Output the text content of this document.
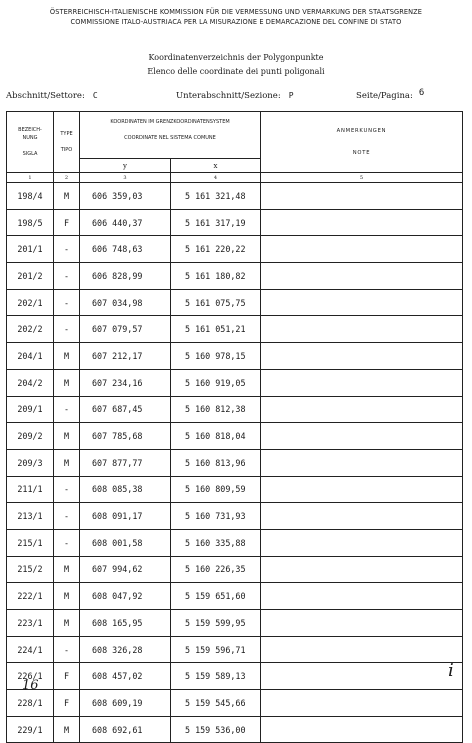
ÖSTERREICHISCH-ITALIENISCHE KOMMISSION FÜR DIE VERMESSUNG UND VERMARKUNG DER STAATSGRENZE
COMMISSIONE ITALO-AUSTRIACA PER LA MISURAZIONE E DEMARCAZIONE DEL CONFINE DI STATO
Koordinatenverzeichnis der Polygonpunkte
Elenco delle coordinate dei punti poligonali
Abschnitt/Settore: C	Unterabschnitt/Sezione: P	Seite/Pagina: 6
BEZEICH-
NUNG

SIGLA	TYPE

TIPO	KOORDINATEN IM GRENZKOORDINATENSYSTEM

COORDINATE NEL SISTEMA COMUNE		ANMERKUNGEN

NOTE
		y	x	
1	2	3	4	5
198/4	M	606 359,03	5 161 321,48	
198/5	F	606 440,37	5 161 317,19	
201/1	-	606 748,63	5 161 220,22	
201/2	-	606 828,99	5 161 180,82	
202/1	-	607 034,98	5 161 075,75	
202/2	-	607 079,57	5 161 051,21	
204/1	M	607 212,17	5 160 978,15	
204/2	M	607 234,16	5 160 919,05	
209/1	-	607 687,45	5 160 812,38	
209/2	M	607 785,68	5 160 818,04	
209/3	M	607 877,77	5 160 813,96	
211/1	-	608 085,38	5 160 809,59	
213/1	-	608 091,17	5 160 731,93	
215/1	-	608 001,58	5 160 335,88	
215/2	M	607 994,62	5 160 226,35	
222/1	M	608 047,92	5 159 651,60	
223/1	M	608 165,95	5 159 599,95	
224/1	-	608 326,28	5 159 596,71	
226/1	F	608 457,02	5 159 589,13	
228/1	F	608 609,19	5 159 545,66	
229/1	M	608 692,61	5 159 536,00	
16
i
